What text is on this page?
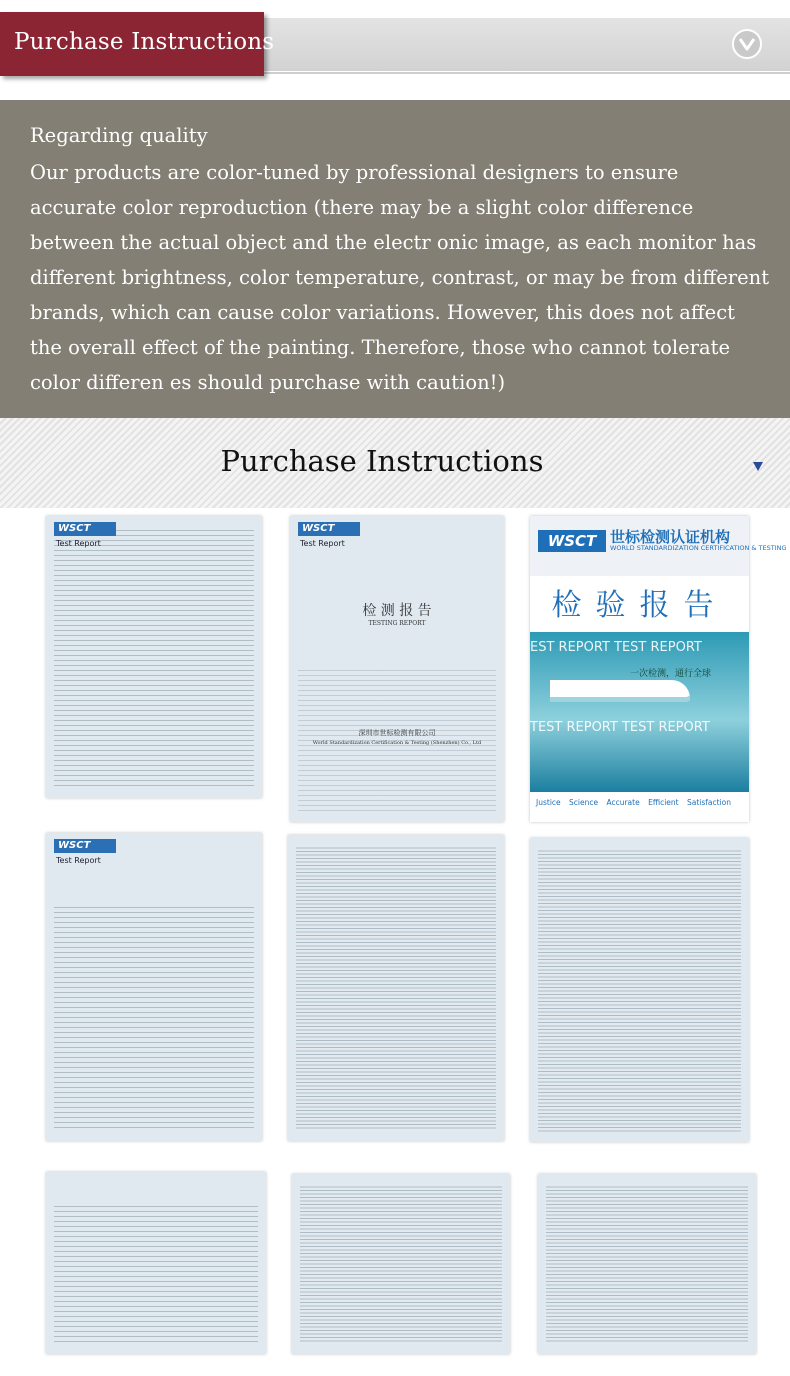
Purchase Instructions
Regarding quality
Our products are color-tuned by professional designers to ensure accurate color reproduction (there may be a slight color difference between the actual object and the electr onic image, as each monitor has different brightness, color temperature, contrast, or may be from different brands, which can cause color variations. However, this does not affect the overall effect of the painting. Therefore, those who cannot tolerate color differen es should purchase with caution!)
Purchase Instructions
WSCT
Test Report
WSCT
Test Report
检 测 报 告
TESTING REPORT
深圳市世标检测有限公司
World Standardization Certification & Testing (Shenzhen) Co., Ltd
WSCT 世标检测认证机构
WORLD STANDARDIZATION CERTIFICATION & TESTING
检验报告
EST REPORT TEST REPORT
一次检测，通行全球
TEST REPORT TEST REPORT
Justice Science Accurate Efficient Satisfaction
WSCT
Test Report
